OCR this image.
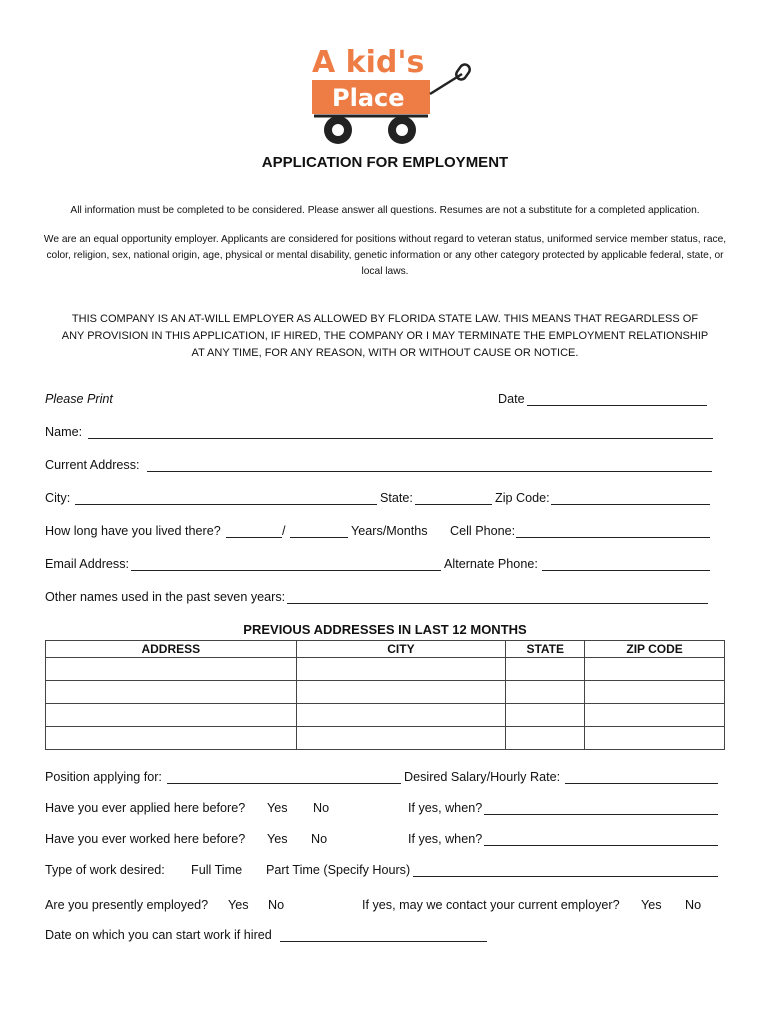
A kid's
Place
APPLICATION FOR EMPLOYMENT
All information must be completed to be considered. Please answer all questions. Resumes are not a substitute for a completed application.
We are an equal opportunity employer. Applicants are considered for positions without regard to veteran status, uniformed service member status, race, color, religion, sex, national origin, age, physical or mental disability, genetic information or any other category protected by applicable federal, state, or local laws.
THIS COMPANY IS AN AT-WILL EMPLOYER AS ALLOWED BY FLORIDA STATE LAW. THIS MEANS THAT REGARDLESS OF ANY PROVISION IN THIS APPLICATION, IF HIRED, THE COMPANY OR I MAY TERMINATE THE EMPLOYMENT RELATIONSHIP AT ANY TIME, FOR ANY REASON, WITH OR WITHOUT CAUSE OR NOTICE.
Please Print	Date
Name:
Current Address:
City:	State:	Zip Code:
How long have you lived there?	/	Years/Months Cell Phone:
Email Address:	Alternate Phone:
Other names used in the past seven years:
PREVIOUS ADDRESSES IN LAST 12 MONTHS
ADDRESS	CITY	STATE	ZIP CODE

Position applying for:	Desired Salary/Hourly Rate:
Have you ever applied here before? Yes No	If yes, when?
Have you ever worked here before? Yes No	If yes, when?
Type of work desired: Full Time Part Time (Specify Hours)
Are you presently employed? Yes No	If yes, may we contact your current employer? Yes No
Date on which you can start work if hired
